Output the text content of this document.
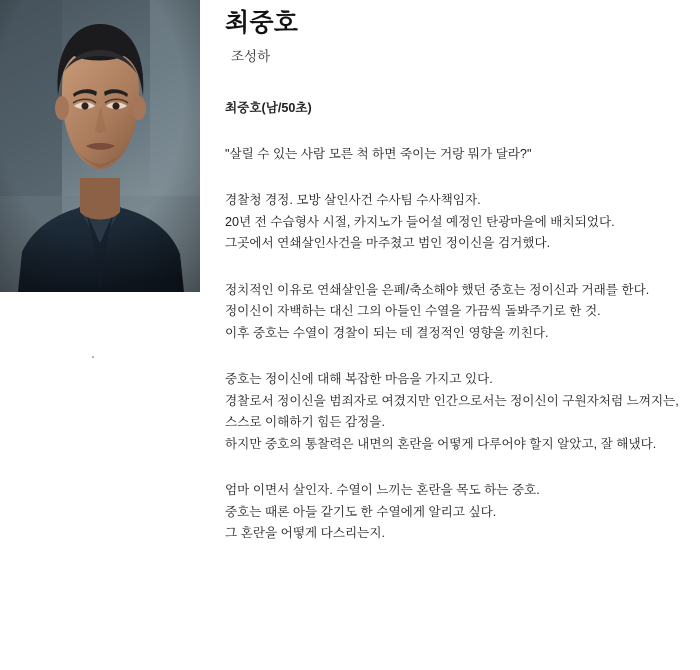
최중호
조성하
최중호(남/50초)
"살릴 수 있는 사람 모른 척 하면 죽이는 거랑 뭐가 달라?"
경찰청 경정. 모방 살인사건 수사팀 수사책임자.
20년 전 수습형사 시절, 카지노가 들어설 예정인 탄광마을에 배치되었다.
그곳에서 연쇄살인사건을 마주쳤고 범인 정이신을 검거했다.
정치적인 이유로 연쇄살인을 은폐/축소해야 했던 중호는 정이신과 거래를 한다.
정이신이 자백하는 대신 그의 아들인 수열을 가끔씩 돌봐주기로 한 것.
이후 중호는 수열이 경찰이 되는 데 결정적인 영향을 끼친다.
중호는 정이신에 대해 복잡한 마음을 가지고 있다.
경찰로서 정이신을 범죄자로 여겼지만 인간으로서는 정이신이 구원자처럼 느껴지는,
스스로 이해하기 힘든 감정을.
하지만 중호의 통찰력은 내면의 혼란을 어떻게 다루어야 할지 알았고, 잘 해냈다.
엄마 이면서 살인자. 수열이 느끼는 혼란을 목도 하는 중호.
중호는 때론 아들 같기도 한 수열에게 알리고 싶다.
그 혼란을 어떻게 다스리는지.
